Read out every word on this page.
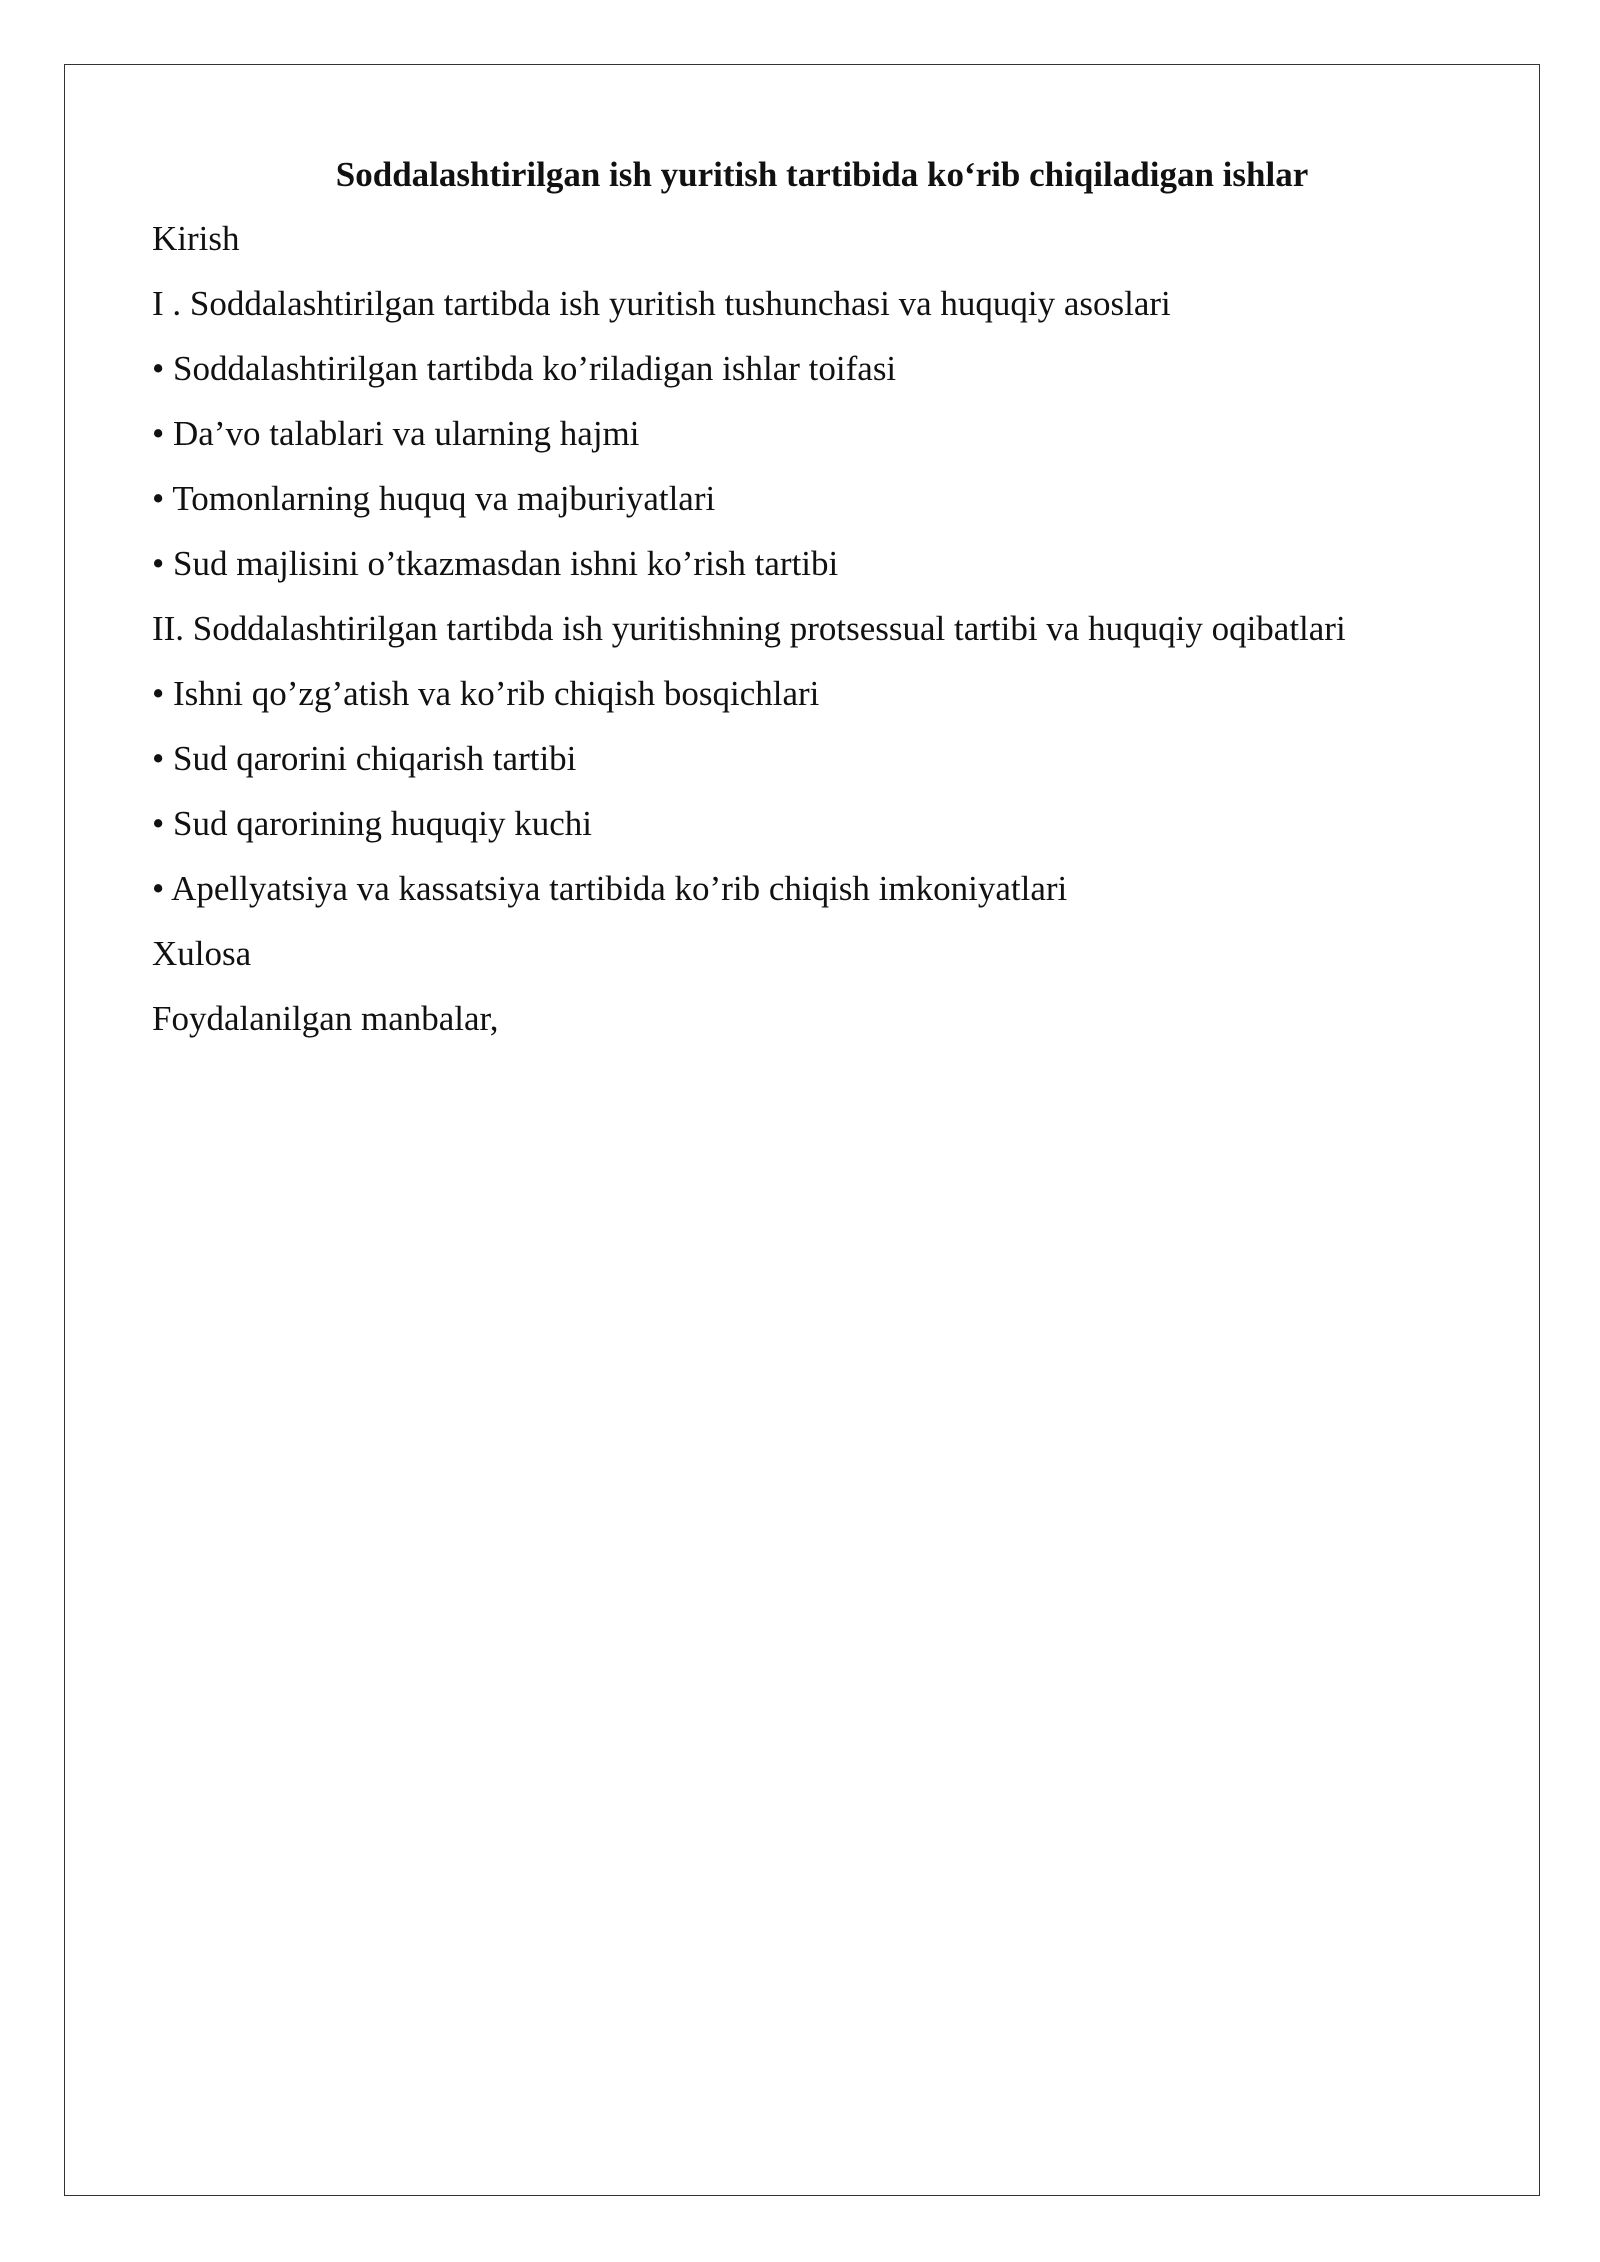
Soddalashtirilgan ish yuritish tartibida ko‘rib chiqiladigan ishlar

Kirish

I . Soddalashtirilgan tartibda ish yuritish tushunchasi va huquqiy asoslari

• Soddalashtirilgan tartibda ko’riladigan ishlar toifasi

• Da’vo talablari va ularning hajmi

• Tomonlarning huquq va majburiyatlari

• Sud majlisini o’tkazmasdan ishni ko’rish tartibi

II. Soddalashtirilgan tartibda ish yuritishning protsessual tartibi va huquqiy oqibatlari

• Ishni qo’zg’atish va ko’rib chiqish bosqichlari

• Sud qarorini chiqarish tartibi

• Sud qarorining huquqiy kuchi

• Apellyatsiya va kassatsiya tartibida ko’rib chiqish imkoniyatlari

Xulosa

Foydalanilgan manbalar,
